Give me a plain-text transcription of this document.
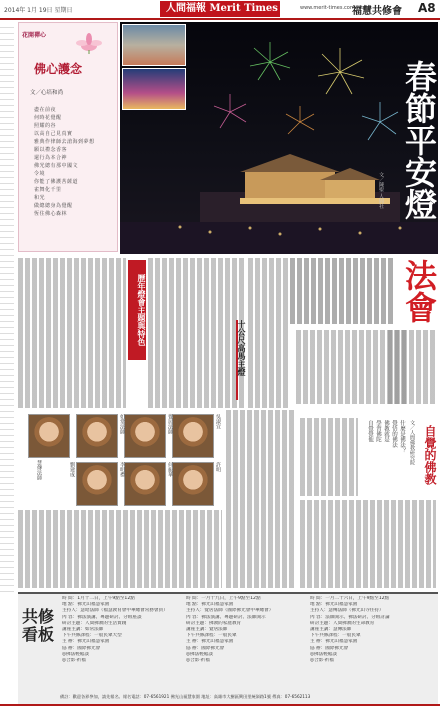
2014年 1月 19日 星期日	人間福報 Merit Times	www.merit-times.com.tw
福慧共修會 A8
花開禪心
佛心護念
文／心培和尚
盡在前夜
何時花覺醒
照耀的谷
以高自己見真實
雅典作律師去滄海到夢想
願以禮念香客
還行為本合神
佛光總有那中國文
令境
你能了佛護菩薩道
雀舞化千里
和光
做總總身為覺醒
恆住佛心森林	春節平安燈
文／陳聖 人間社
法會
歷年燈會主題與特色
十公尺高馬主燈
慧傳法師
如常法師	覺居法師	吳淑宜
劉建成	李明禮	何振華	許明	自覺的佛教
文／人間佛教研究院
什麼是佛法？
覺悟的佛法
佛教就是
學習佛陀
自覺覺他
共修看板
時 間：1月十二日，上午9點至12點
地 點：佛光山福慧家園
主持人：慧昭法師（福慧教育會中華總會常務會員）
內 容：佛法演講、專題研討、分組座談
研討主題：人間佛教的生活實踐
講座主講：如常法師
下午共修課程：一般民眾大型
主 辦：佛光山福慧家園
協 辦：國際佛光會
◎佛法輕鬆談
◎合影‧祈福
時 間：一月十九日，上午9點至12點
地 點：佛光山福慧家園
主持人：覺居法師（國際佛光會中華總會）
內 容：佛法演講、專題研討、法師開示
研討主題：佛教的家庭教育
講座主講：覺居法師
下午共修課程：一般民眾
主 辦：佛光山福慧家園
協 辦：國際佛光會
◎佛法輕鬆談
◎合影‧祈福
時 間：一月二十六日，上午9點至12點
地 點：佛光山福慧家園
主持人：慧傳法師（佛光山寺住持）
內 容：法師開示、佛法研討、分組討論
研討主題：人間佛教的生命教育
講座主講：慧傳法師
下午共修課程：一般民眾
主 辦：佛光山福慧家園
協 辦：國際佛光會
◎佛法輕鬆談
◎合影‧祈福
備註：歡迎各界參加，請先報名。報名電話：07-6561921 佛光山福慧家園 地址：高雄市大樹區興田里統嶺路1號 傳真：07-6562113
